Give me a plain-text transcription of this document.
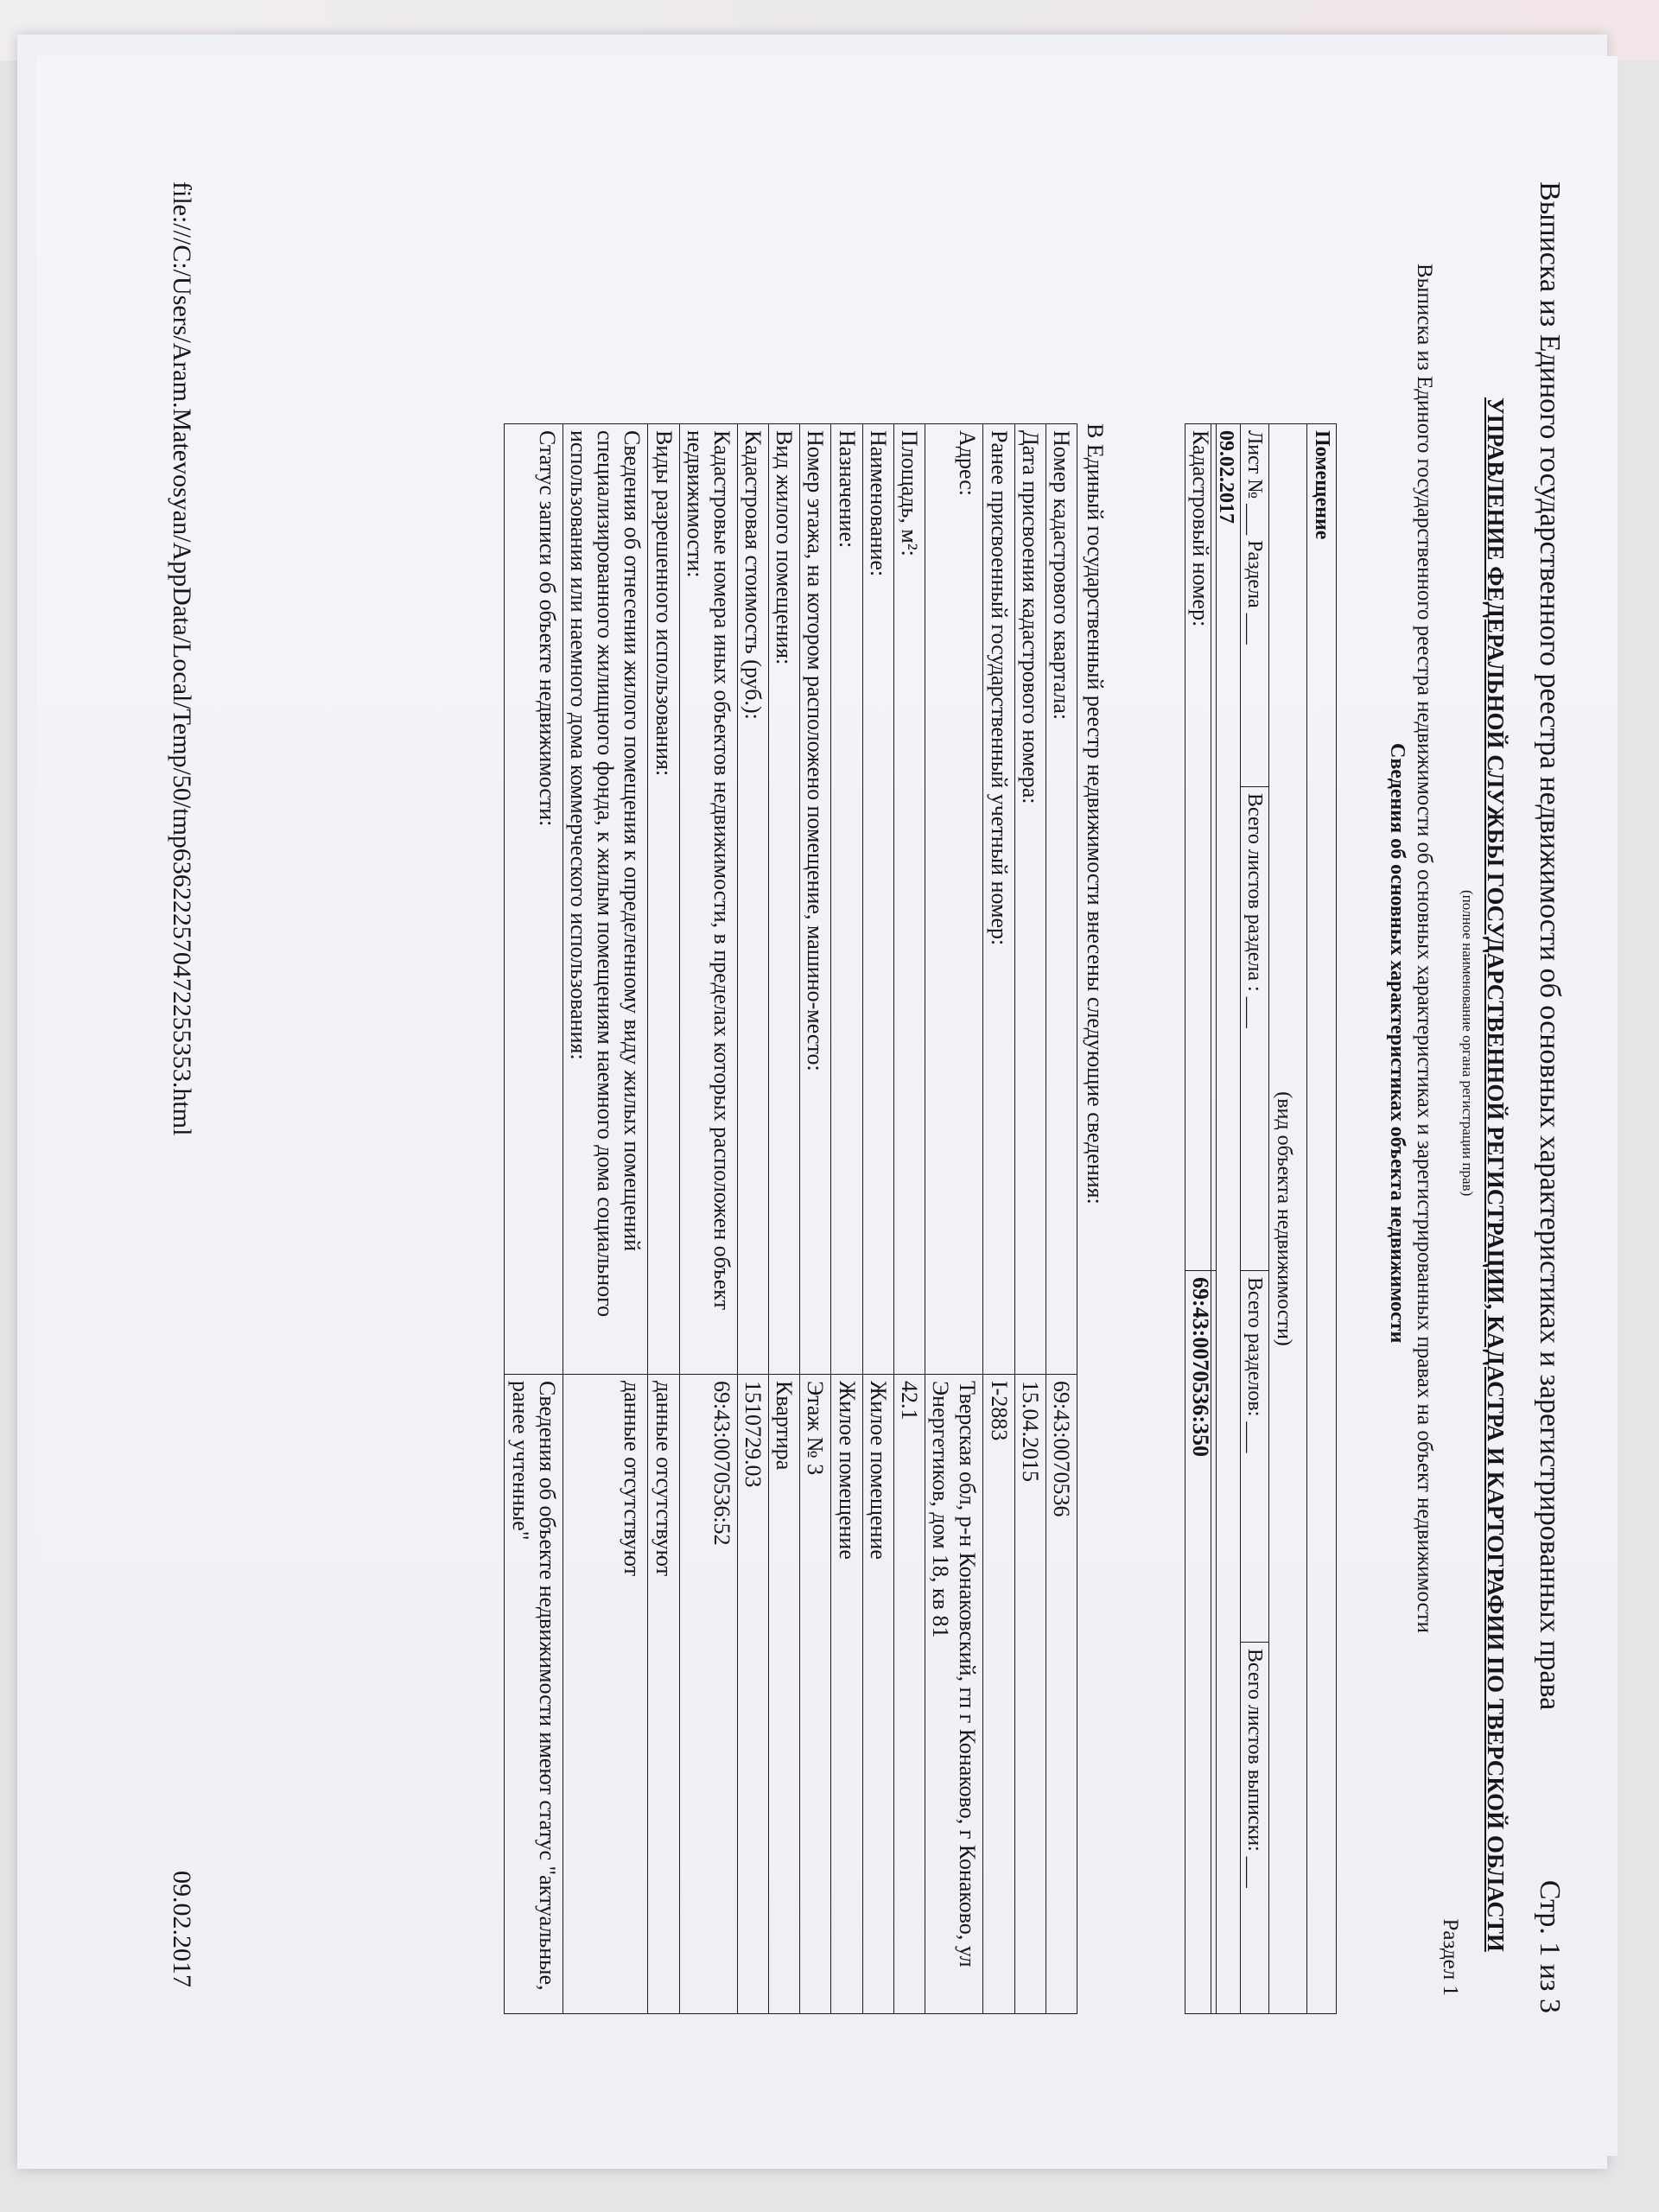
Выписка из Единого государственного реестра недвижимости об основных характеристиках и зарегистрированных права
Стр. 1 из 3
УПРАВЛЕНИЕ ФЕДЕРАЛЬНОЙ СЛУЖБЫ ГОСУДАРСТВЕННОЙ РЕГИСТРАЦИИ, КАДАСТРА И КАРТОГРАФИИ ПО ТВЕРСКОЙ ОБЛАСТИ
(полное наименование органа регистрации прав)
Раздел 1
Выписка из Единого государственного реестра недвижимости об основных характеристиках и зарегистрированных правах на объект недвижимости
Сведения об основных характеристиках объекта недвижимости
Помещение
(вид объекта недвижимости)
Лист № ___ Раздела ___	Всего листов раздела : ___	Всего разделов: ___	Всего листов выписки: ___
09.02.2017
Кадастровый номер:	69:43:0070536:350
В Единый государственный реестр недвижимости внесены следующие сведения:
Номер кадастрового квартала:	69:43:0070536
Дата присвоения кадастрового номера:	15.04.2015
Ранее присвоенный государственный учетный номер:	I-2883
Адрес:	Тверская обл, р-н Конаковский, гп г Конаково, г Конаково, ул Энергетиков, дом 18, кв 81
Площадь, м²:	42.1
Наименование:	Жилое помещение
Назначение:	Жилое помещение
Номер этажа, на котором расположено помещение, машино-место:	Этаж № 3
Вид жилого помещения:	Квартира
Кадастровая стоимость (руб.):	1510729.03
Кадастровые номера иных объектов недвижимости, в пределах которых расположен объект недвижимости:	69:43:0070536:52
Виды разрешенного использования:	данные отсутствуют
Сведения об отнесении жилого помещения к определенному виду жилых помещений специализированного жилищного фонда, к жилым помещениям наемного дома социального использования или наемного дома коммерческого использования:	данные отсутствуют
Статус записи об объекте недвижимости:	Сведения об объекте недвижимости имеют статус "актуальные, ранее учтенные"
file:///C:/Users/Aram.Matevosyan/AppData/Local/Temp/50/tmp636222570472255353.html
09.02.2017
